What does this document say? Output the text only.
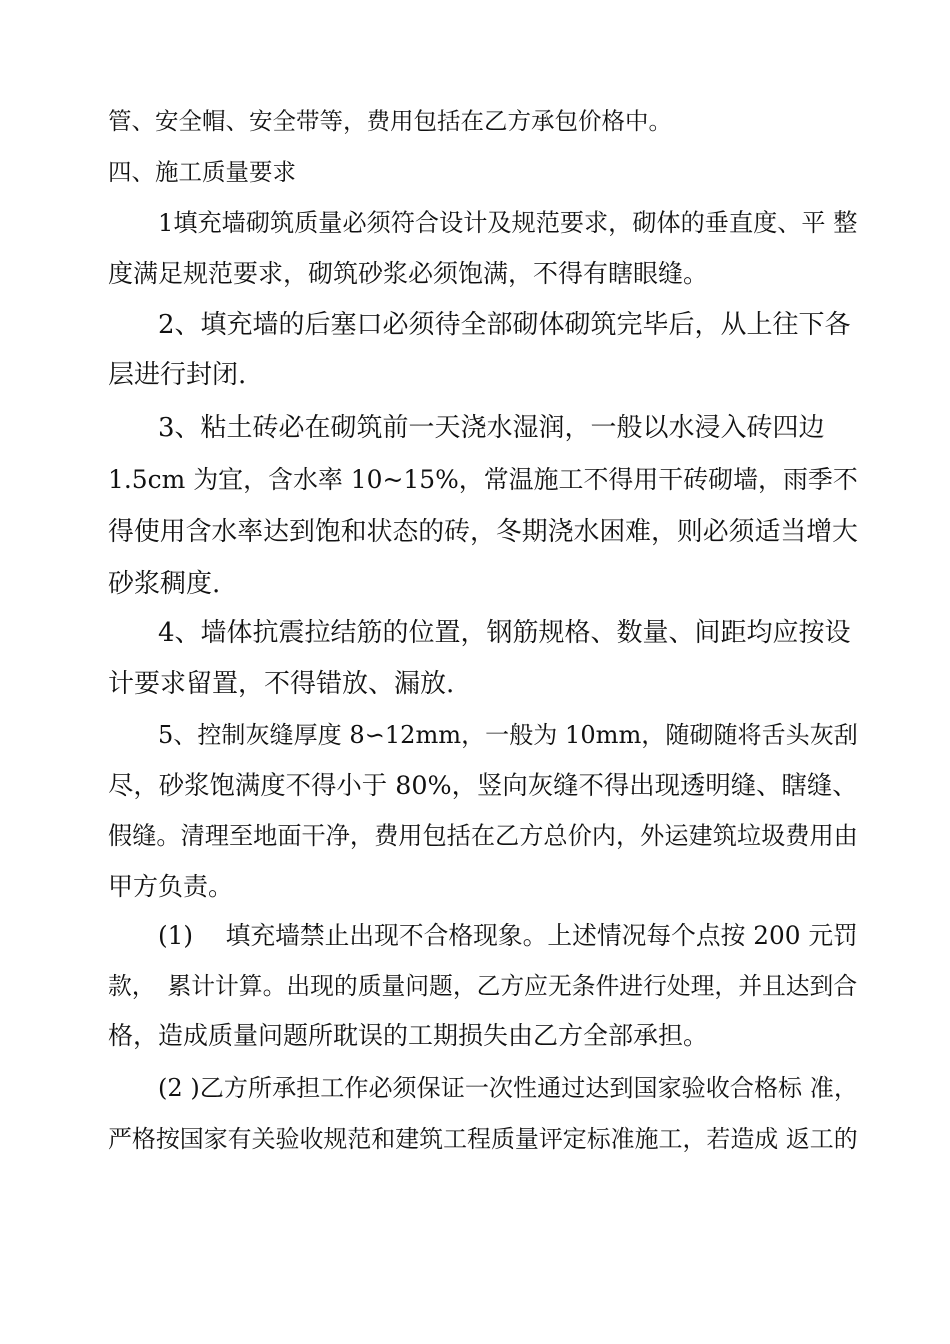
管、安全帽、安全带等，费用包括在乙方承包价格中。
四、施工质量要求
1填充墙砌筑质量必须符合设计及规范要求，砌体的垂直度、平 整
度满足规范要求，砌筑砂浆必须饱满，不得有瞎眼缝。
2、填充墙的后塞口必须待全部砌体砌筑完毕后，从上往下各
层进行封闭.
3、粘土砖必在砌筑前一天浇水湿润，一般以水浸入砖四边
1.5cm 为宜，含水率 10~15%，常温施工不得用干砖砌墙，雨季不
得使用含水率达到饱和状态的砖，冬期浇水困难，则必须适当增大
砂浆稠度.
4、墙体抗震拉结筋的位置，钢筋规格、数量、间距均应按设
计要求留置，不得错放、漏放.
5、控制灰缝厚度 8∽12mm，一般为 10mm，随砌随将舌头灰刮
尽，砂浆饱满度不得小于 80%，竖向灰缝不得出现透明缝、瞎缝、
假缝。清理至地面干净，费用包括在乙方总价内，外运建筑垃圾费用由
甲方负责。
(1)　 填充墙禁止出现不合格现象。上述情况每个点按 200 元罚
款，　累计计算。出现的质量问题，乙方应无条件进行处理，并且达到合
格，造成质量问题所耽误的工期损失由乙方全部承担。
(2 )乙方所承担工作必须保证一次性通过达到国家验收合格标 准，
严格按国家有关验收规范和建筑工程质量评定标准施工，若造成 返工的
